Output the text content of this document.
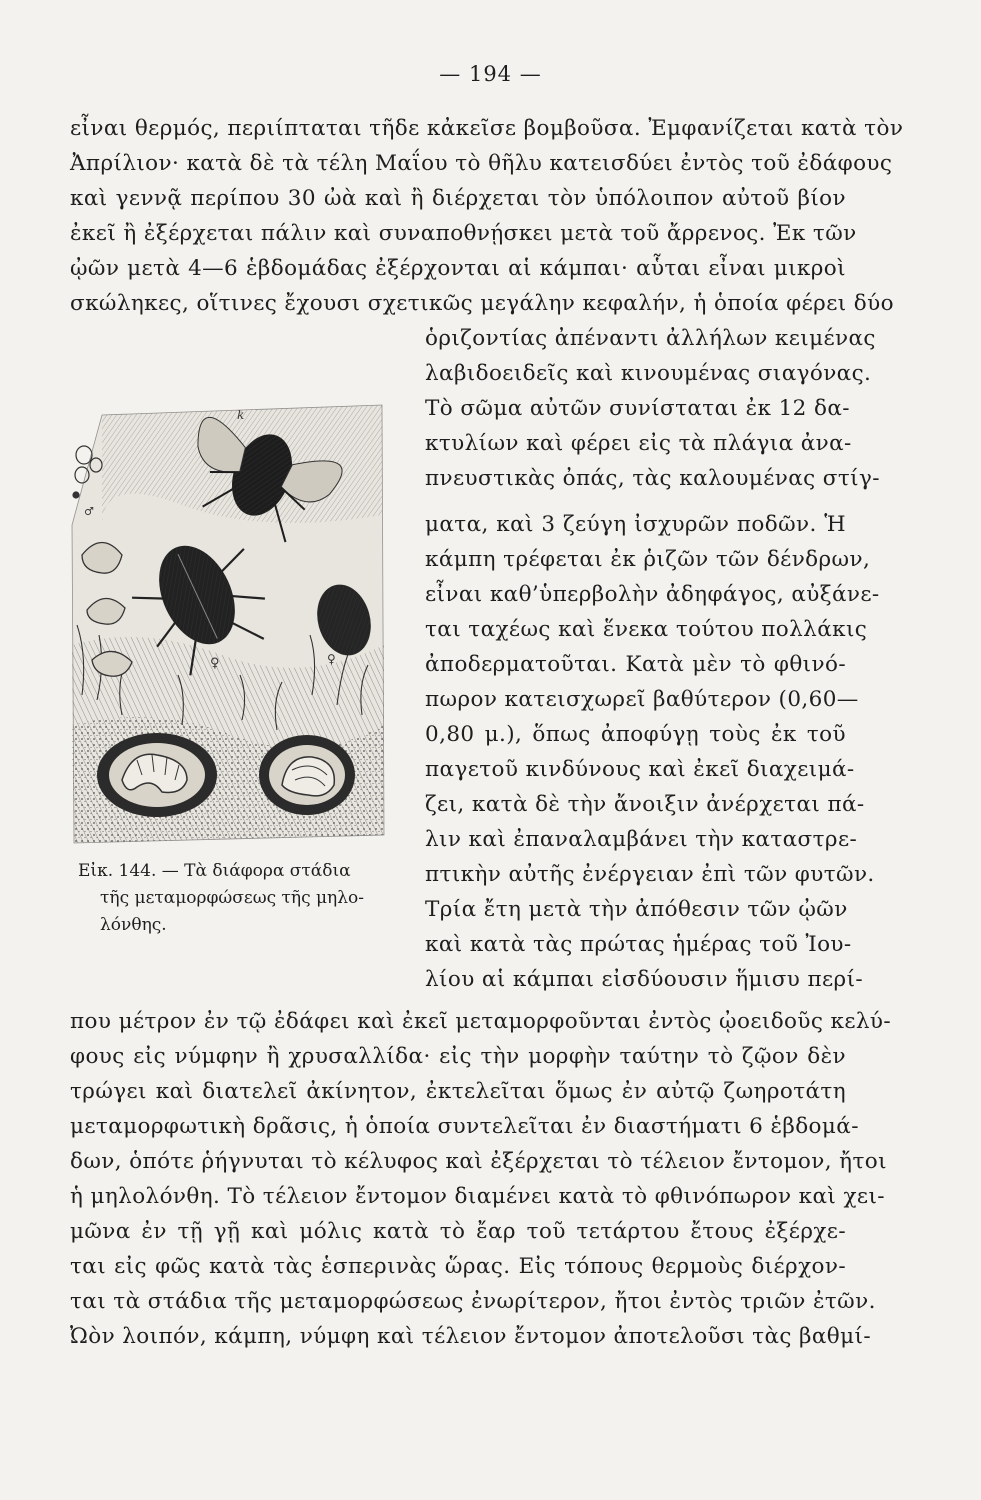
— 194 —
εἶναι θερμός, περιίπταται τῆδε κἀκεῖσε βομβοῦσα. Ἐμφανίζεται κατὰ τὸν
Ἀπρίλιον· κατὰ δὲ τὰ τέλη Μαΐου τὸ θῆλυ κατεισδύει ἐντὸς τοῦ ἐδάφους
καὶ γεννᾷ περίπου 30 ὠὰ καὶ ἢ διέρχεται τὸν ὑπόλοιπον αὐτοῦ βίον
ἐκεῖ ἢ ἐξέρχεται πάλιν καὶ συναποθνῄσκει μετὰ τοῦ ἄρρενος. Ἐκ τῶν
ᾠῶν μετὰ 4—6 ἑβδομάδας ἐξέρχονται αἱ κάμπαι· αὗται εἶναι μικροὶ
σκώληκες, οἵτινες ἔχουσι σχετικῶς μεγάλην κεφαλήν, ἡ ὁποία φέρει δύο
ὁριζοντίας ἀπέναντι ἀλλήλων κειμένας
λαβιδοειδεῖς καὶ κινουμένας σιαγόνας.
Τὸ σῶμα αὐτῶν συνίσταται ἐκ 12 δα-
κτυλίων καὶ φέρει εἰς τὰ πλάγια ἀνα-
πνευστικὰς ὀπάς, τὰς καλουμένας στίγ-
ματα, καὶ 3 ζεύγη ἰσχυρῶν ποδῶν. Ἡ
κάμπη τρέφεται ἐκ ῥιζῶν τῶν δένδρων,
εἶναι καθ’ὑπερβολὴν ἀδηφάγος, αὐξάνε-
ται ταχέως καὶ ἕνεκα τούτου πολλάκις
ἀποδερματοῦται. Κατὰ μὲν τὸ φθινό-
πωρον κατεισχωρεῖ βαθύτερον (0,60—
0,80 μ.), ὅπως ἀποφύγῃ τοὺς ἐκ τοῦ
παγετοῦ κινδύνους καὶ ἐκεῖ διαχειμά-
ζει, κατὰ δὲ τὴν ἄνοιξιν ἀνέρχεται πά-
λιν καὶ ἐπαναλαμβάνει τὴν καταστρε-
πτικὴν αὐτῆς ἐνέργειαν ἐπὶ τῶν φυτῶν.
Τρία ἔτη μετὰ τὴν ἀπόθεσιν τῶν ᾠῶν
καὶ κατὰ τὰς πρώτας ἡμέρας τοῦ Ἰου-
λίου αἱ κάμπαι εἰσδύουσιν ἥμισυ περί-
k
♀
♂
♀
Εἰκ. 144. — Τὰ διάφορα στάδια
τῆς μεταμορφώσεως τῆς μηλο-
λόνθης.
που μέτρον ἐν τῷ ἐδάφει καὶ ἐκεῖ μεταμορφοῦνται ἐντὸς ᾠοειδοῦς κελύ-
φους εἰς νύμφην ἢ χρυσαλλίδα· εἰς τὴν μορφὴν ταύτην τὸ ζῷον δὲν
τρώγει καὶ διατελεῖ ἀκίνητον, ἐκτελεῖται ὅμως ἐν αὐτῷ ζωηροτάτη
μεταμορφωτικὴ δρᾶσις, ἡ ὁποία συντελεῖται ἐν διαστήματι 6 ἑβδομά-
δων, ὁπότε ῥήγνυται τὸ κέλυφος καὶ ἐξέρχεται τὸ τέλειον ἔντομον, ἤτοι
ἡ μηλολόνθη. Τὸ τέλειον ἔντομον διαμένει κατὰ τὸ φθινόπωρον καὶ χει-
μῶνα ἐν τῇ γῇ καὶ μόλις κατὰ τὸ ἔαρ τοῦ τετάρτου ἔτους ἐξέρχε-
ται εἰς φῶς κατὰ τὰς ἑσπερινὰς ὥρας. Εἰς τόπους θερμοὺς διέρχον-
ται τὰ στάδια τῆς μεταμορφώσεως ἐνωρίτερον, ἤτοι ἐντὸς τριῶν ἐτῶν.
Ὠὸν λοιπόν, κάμπη, νύμφη καὶ τέλειον ἔντομον ἀποτελοῦσι τὰς βαθμί-
